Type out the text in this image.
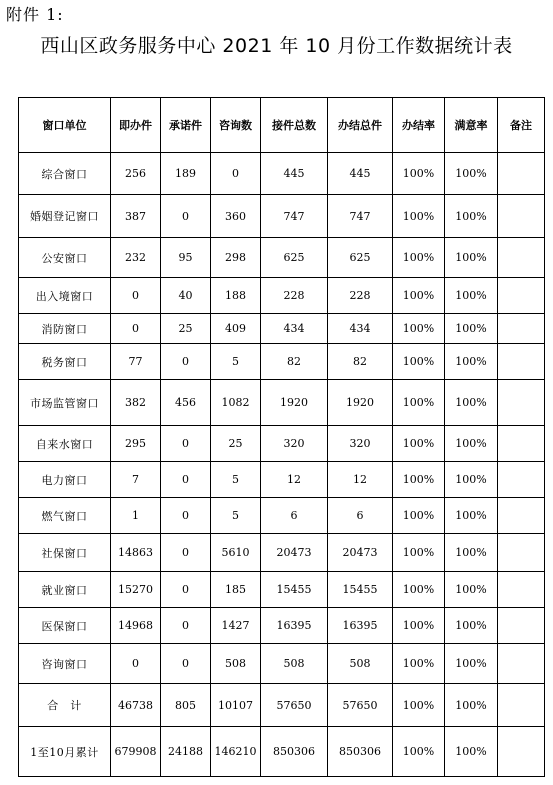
附件 1:
西山区政务服务中心 2021 年 10 月份工作数据统计表
窗口单位	即办件	承诺件	咨询数	接件总数	办结总件	办结率	满意率	备注
综合窗口	256	189	0	445	445	100%	100%	
婚姻登记窗口	387	0	360	747	747	100%	100%	
公安窗口	232	95	298	625	625	100%	100%	
出入境窗口	0	40	188	228	228	100%	100%	
消防窗口	0	25	409	434	434	100%	100%	
税务窗口	77	0	5	82	82	100%	100%	
市场监管窗口	382	456	1082	1920	1920	100%	100%	
自来水窗口	295	0	25	320	320	100%	100%	
电力窗口	7	0	5	12	12	100%	100%	
燃气窗口	1	0	5	6	6	100%	100%	
社保窗口	14863	0	5610	20473	20473	100%	100%	
就业窗口	15270	0	185	15455	15455	100%	100%	
医保窗口	14968	0	1427	16395	16395	100%	100%	
咨询窗口	0	0	508	508	508	100%	100%	
合　计	46738	805	10107	57650	57650	100%	100%	
1至10月累计	679908	24188	146210	850306	850306	100%	100%	
